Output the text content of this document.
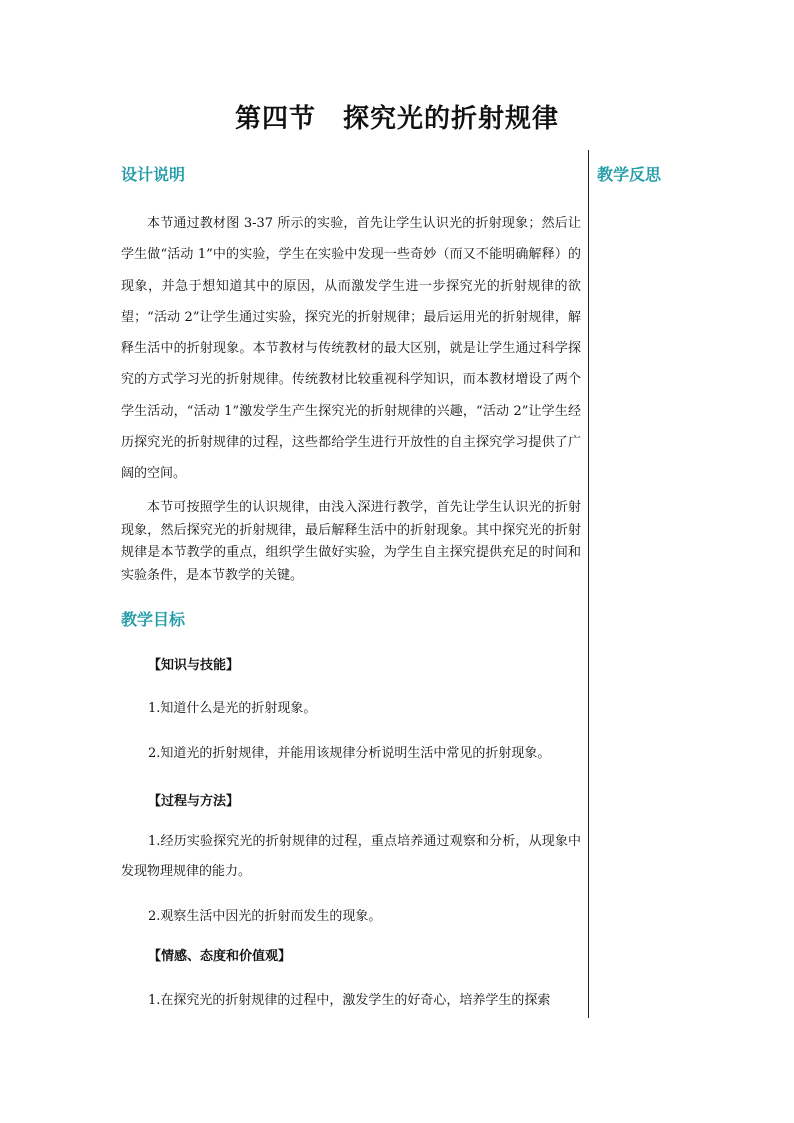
第四节　探究光的折射规律
设计说明	教学反思

本节通过教材图 3-37 所示的实验，首先让学生认识光的折射现象；然后让学生做“活动 1”中的实验，学生在实验中发现一些奇妙（而又不能明确解释）的现象，并急于想知道其中的原因，从而激发学生进一步探究光的折射规律的欲望；“活动 2”让学生通过实验，探究光的折射规律；最后运用光的折射规律，解释生活中的折射现象。本节教材与传统教材的最大区别，就是让学生通过科学探究的方式学习光的折射规律。传统教材比较重视科学知识，而本教材增设了两个学生活动，“活动 1”激发学生产生探究光的折射规律的兴趣，“活动 2”让学生经历探究光的折射规律的过程，这些都给学生进行开放性的自主探究学习提供了广阔的空间。

本节可按照学生的认识规律，由浅入深进行教学，首先让学生认识光的折射现象，然后探究光的折射规律，最后解释生活中的折射现象。其中探究光的折射规律是本节教学的重点，组织学生做好实验，为学生自主探究提供充足的时间和实验条件，是本节教学的关键。

教学目标

【知识与技能】

1.知道什么是光的折射现象。

2.知道光的折射规律，并能用该规律分析说明生活中常见的折射现象。

【过程与方法】

1.经历实验探究光的折射规律的过程，重点培养通过观察和分析，从现象中发现物理规律的能力。

2.观察生活中因光的折射而发生的现象。

【情感、态度和价值观】

1.在探究光的折射规律的过程中，激发学生的好奇心，培养学生的探索
